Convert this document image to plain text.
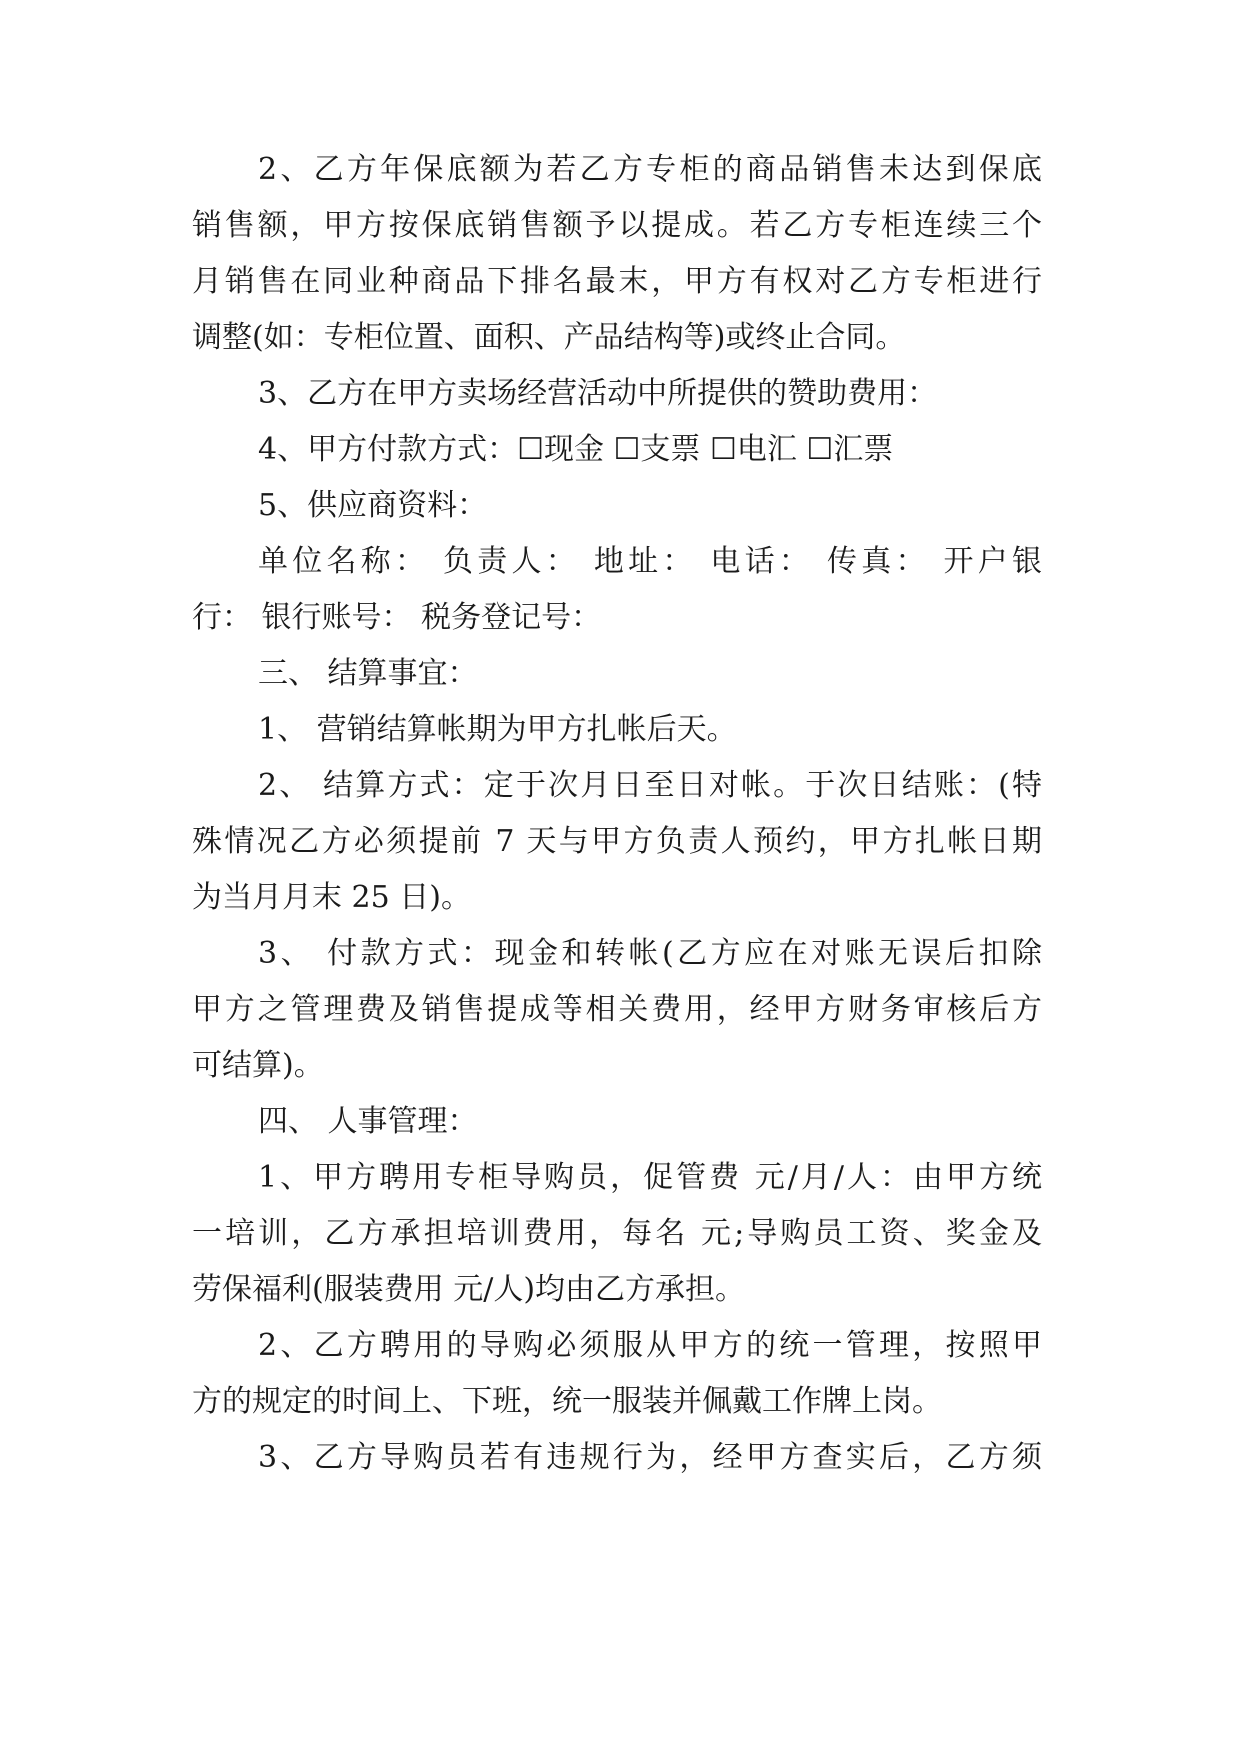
2、乙方年保底额为若乙方专柜的商品销售未达到保底
销售额，甲方按保底销售额予以提成。若乙方专柜连续三个
月销售在同业种商品下排名最末，甲方有权对乙方专柜进行
调整(如：专柜位置、面积、产品结构等)或终止合同。
3、乙方在甲方卖场经营活动中所提供的赞助费用：
4、甲方付款方式：☐现金 ☐支票 ☐电汇 ☐汇票
5、供应商资料：
单位名称： 负责人： 地址： 电话： 传真： 开户银
行： 银行账号： 税务登记号：
三、 结算事宜：
1、 营销结算帐期为甲方扎帐后天。
2、 结算方式：定于次月日至日对帐。于次日结账：(特
殊情况乙方必须提前 7 天与甲方负责人预约，甲方扎帐日期
为当月月末 25 日)。
3、 付款方式：现金和转帐(乙方应在对账无误后扣除
甲方之管理费及销售提成等相关费用，经甲方财务审核后方
可结算)。
四、 人事管理：
1、甲方聘用专柜导购员，促管费 元/月/人：由甲方统
一培训，乙方承担培训费用，每名 元;导购员工资、奖金及
劳保福利(服装费用 元/人)均由乙方承担。
2、乙方聘用的导购必须服从甲方的统一管理，按照甲
方的规定的时间上、下班，统一服装并佩戴工作牌上岗。
3、乙方导购员若有违规行为，经甲方查实后，乙方须
